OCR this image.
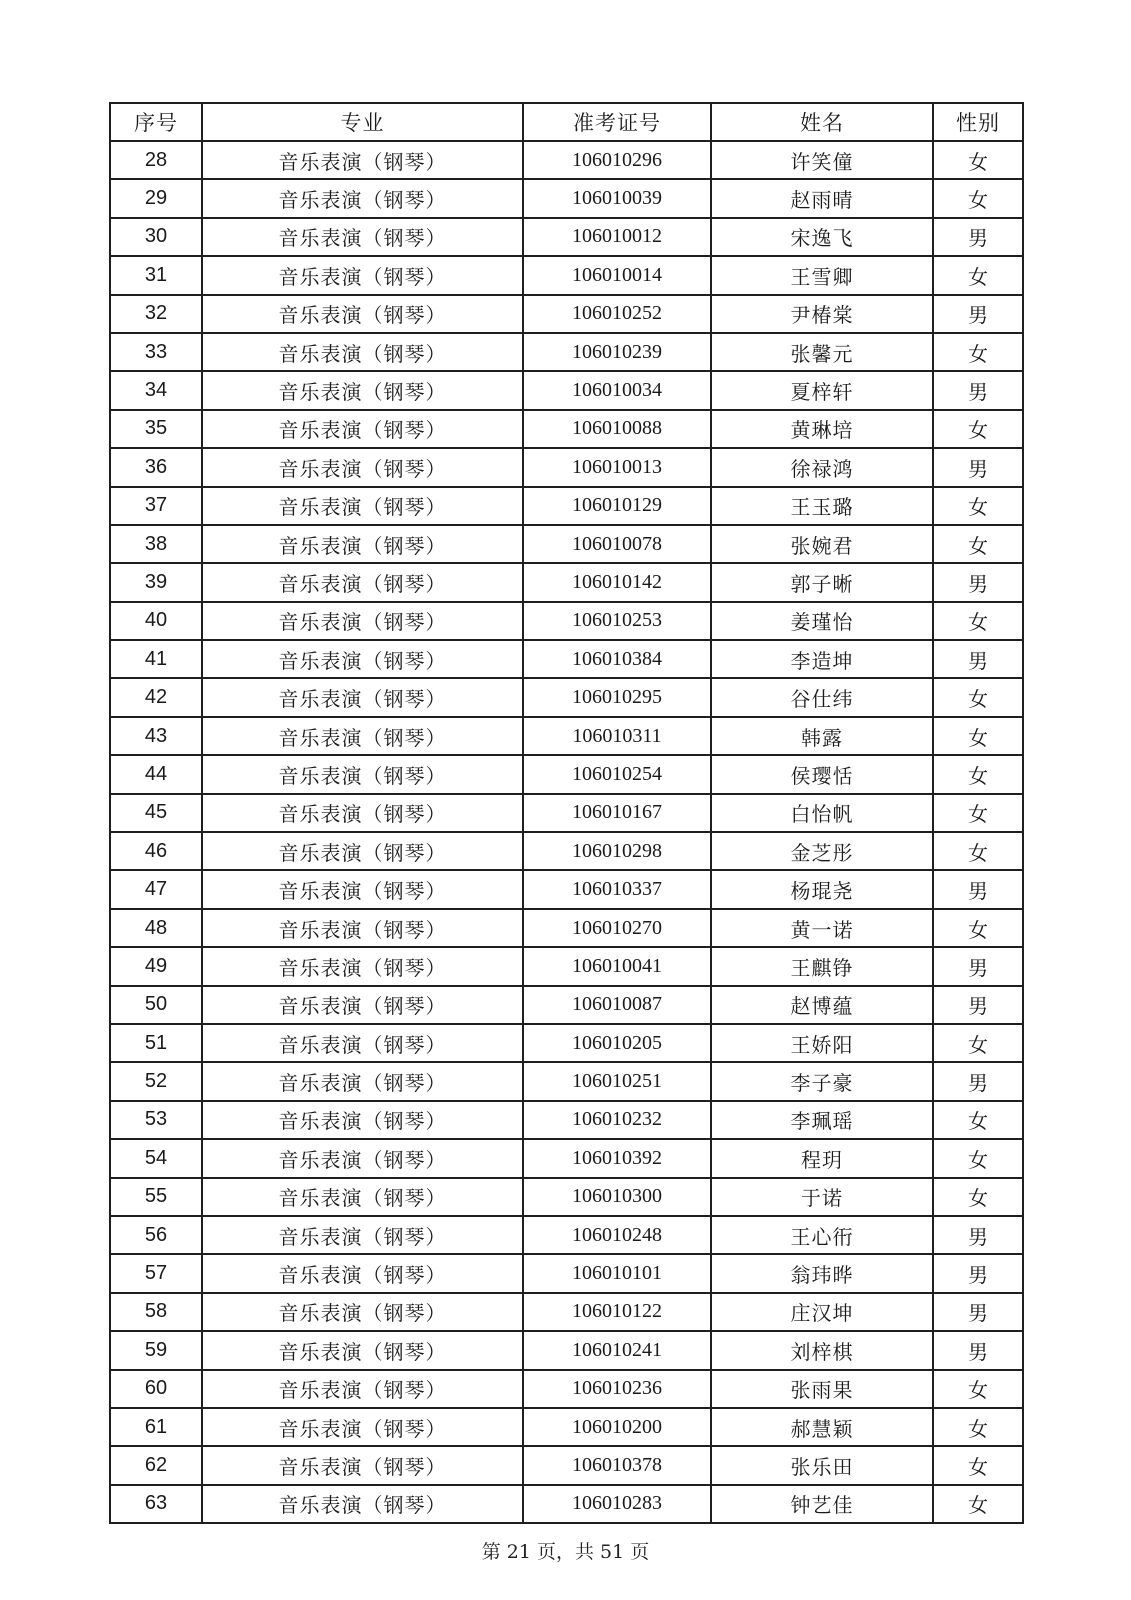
序号	专业	准考证号	姓名	性别
28	音乐表演（钢琴）	106010296	许笑僮	女
29	音乐表演（钢琴）	106010039	赵雨晴	女
30	音乐表演（钢琴）	106010012	宋逸飞	男
31	音乐表演（钢琴）	106010014	王雪卿	女
32	音乐表演（钢琴）	106010252	尹椿棠	男
33	音乐表演（钢琴）	106010239	张馨元	女
34	音乐表演（钢琴）	106010034	夏梓轩	男
35	音乐表演（钢琴）	106010088	黄琳培	女
36	音乐表演（钢琴）	106010013	徐禄鸿	男
37	音乐表演（钢琴）	106010129	王玉璐	女
38	音乐表演（钢琴）	106010078	张婉君	女
39	音乐表演（钢琴）	106010142	郭子晰	男
40	音乐表演（钢琴）	106010253	姜瑾怡	女
41	音乐表演（钢琴）	106010384	李造坤	男
42	音乐表演（钢琴）	106010295	谷仕纬	女
43	音乐表演（钢琴）	106010311	韩露	女
44	音乐表演（钢琴）	106010254	侯璎恬	女
45	音乐表演（钢琴）	106010167	白怡帆	女
46	音乐表演（钢琴）	106010298	金芝彤	女
47	音乐表演（钢琴）	106010337	杨琨尧	男
48	音乐表演（钢琴）	106010270	黄一诺	女
49	音乐表演（钢琴）	106010041	王麒铮	男
50	音乐表演（钢琴）	106010087	赵博蕴	男
51	音乐表演（钢琴）	106010205	王娇阳	女
52	音乐表演（钢琴）	106010251	李子豪	男
53	音乐表演（钢琴）	106010232	李珮瑶	女
54	音乐表演（钢琴）	106010392	程玥	女
55	音乐表演（钢琴）	106010300	于诺	女
56	音乐表演（钢琴）	106010248	王心衎	男
57	音乐表演（钢琴）	106010101	翁玮晔	男
58	音乐表演（钢琴）	106010122	庄汉坤	男
59	音乐表演（钢琴）	106010241	刘梓棋	男
60	音乐表演（钢琴）	106010236	张雨果	女
61	音乐表演（钢琴）	106010200	郝慧颖	女
62	音乐表演（钢琴）	106010378	张乐田	女
63	音乐表演（钢琴）	106010283	钟艺佳	女
第 21 页，共 51 页
